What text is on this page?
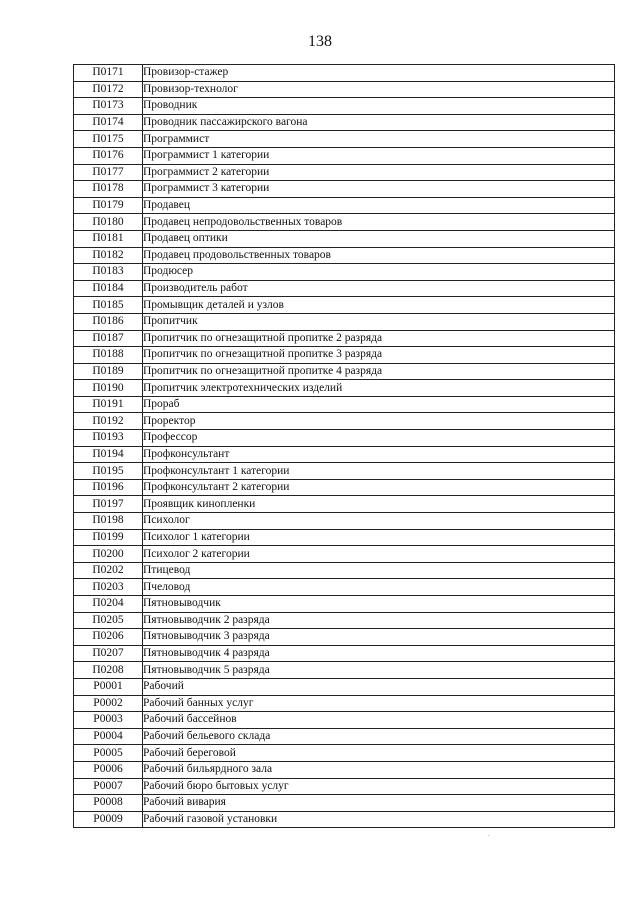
138
П0171	Провизор-стажер
П0172	Провизор-технолог
П0173	Проводник
П0174	Проводник пассажирского вагона
П0175	Программист
П0176	Программист 1 категории
П0177	Программист 2 категории
П0178	Программист 3 категории
П0179	Продавец
П0180	Продавец непродовольственных товаров
П0181	Продавец оптики
П0182	Продавец продовольственных товаров
П0183	Продюсер
П0184	Производитель работ
П0185	Промывщик деталей и узлов
П0186	Пропитчик
П0187	Пропитчик по огнезащитной пропитке 2 разряда
П0188	Пропитчик по огнезащитной пропитке 3 разряда
П0189	Пропитчик по огнезащитной пропитке 4 разряда
П0190	Пропитчик электротехнических изделий
П0191	Прораб
П0192	Проректор
П0193	Профессор
П0194	Профконсультант
П0195	Профконсультант 1 категории
П0196	Профконсультант 2 категории
П0197	Проявщик кинопленки
П0198	Психолог
П0199	Психолог 1 категории
П0200	Психолог 2 категории
П0202	Птицевод
П0203	Пчеловод
П0204	Пятновыводчик
П0205	Пятновыводчик 2 разряда
П0206	Пятновыводчик 3 разряда
П0207	Пятновыводчик 4 разряда
П0208	Пятновыводчик 5 разряда
Р0001	Рабочий
Р0002	Рабочий банных услуг
Р0003	Рабочий бассейнов
Р0004	Рабочий бельевого склада
Р0005	Рабочий береговой
Р0006	Рабочий бильярдного зала
Р0007	Рабочий бюро бытовых услуг
Р0008	Рабочий вивария
Р0009	Рабочий газовой установки
·
